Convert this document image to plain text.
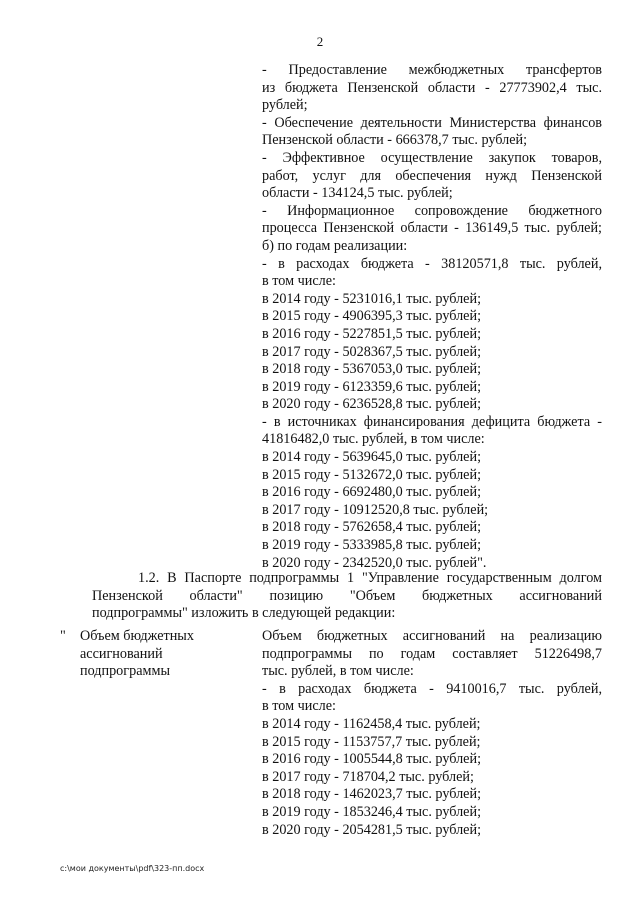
2
- Предоставление межбюджетных трансфертов
из бюджета Пензенской области - 27773902,4 тыс.
рублей;
- Обеспечение деятельности Министерства финансов
Пензенской области - 666378,7 тыс. рублей;
- Эффективное осуществление закупок товаров,
работ, услуг для обеспечения нужд Пензенской
области - 134124,5 тыс. рублей;
- Информационное сопровождение бюджетного
процесса Пензенской области - 136149,5 тыс. рублей;
б) по годам реализации:
- в расходах бюджета - 38120571,8 тыс. рублей,
в том числе:
в 2014 году - 5231016,1 тыс. рублей;
в 2015 году - 4906395,3 тыс. рублей;
в 2016 году - 5227851,5 тыс. рублей;
в 2017 году - 5028367,5 тыс. рублей;
в 2018 году - 5367053,0 тыс. рублей;
в 2019 году - 6123359,6 тыс. рублей;
в 2020 году - 6236528,8 тыс. рублей;
- в источниках финансирования дефицита бюджета -
41816482,0 тыс. рублей, в том числе:
в 2014 году - 5639645,0 тыс. рублей;
в 2015 году - 5132672,0 тыс. рублей;
в 2016 году - 6692480,0 тыс. рублей;
в 2017 году - 10912520,8 тыс. рублей;
в 2018 году - 5762658,4 тыс. рублей;
в 2019 году - 5333985,8 тыс. рублей;
в 2020 году - 2342520,0 тыс. рублей".
1.2. В Паспорте подпрограммы 1 "Управление государственным долгом
Пензенской области" позицию "Объем бюджетных ассигнований
подпрограммы" изложить в следующей редакции:
" Объем бюджетных
ассигнований
подпрограммы
Объем бюджетных ассигнований на реализацию
подпрограммы по годам составляет 51226498,7
тыс. рублей, в том числе:
- в расходах бюджета - 9410016,7 тыс. рублей,
в том числе:
в 2014 году - 1162458,4 тыс. рублей;
в 2015 году - 1153757,7 тыс. рублей;
в 2016 году - 1005544,8 тыс. рублей;
в 2017 году - 718704,2 тыс. рублей;
в 2018 году - 1462023,7 тыс. рублей;
в 2019 году - 1853246,4 тыс. рублей;
в 2020 году - 2054281,5 тыс. рублей;
c:\мои документы\pdf\323-пп.docx
